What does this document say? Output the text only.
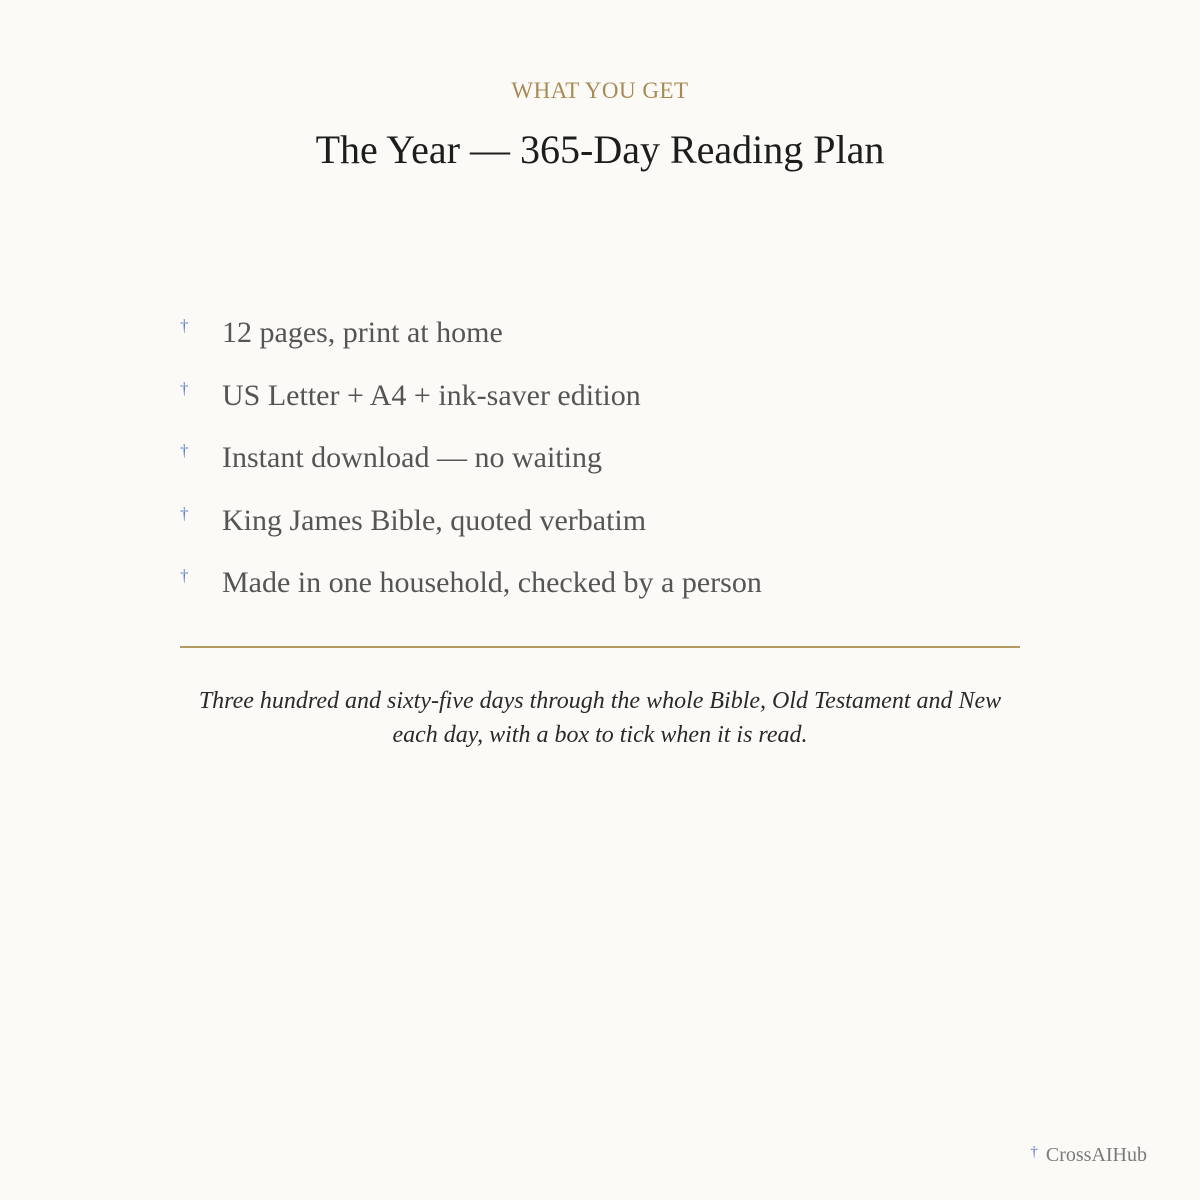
WHAT YOU GET
The Year — 365-Day Reading Plan
† 12 pages, print at home
† US Letter + A4 + ink-saver edition
† Instant download — no waiting
† King James Bible, quoted verbatim
† Made in one household, checked by a person

Three hundred and sixty-five days through the whole Bible, Old Testament and New each day, with a box to tick when it is read.

† CrossAIHub
